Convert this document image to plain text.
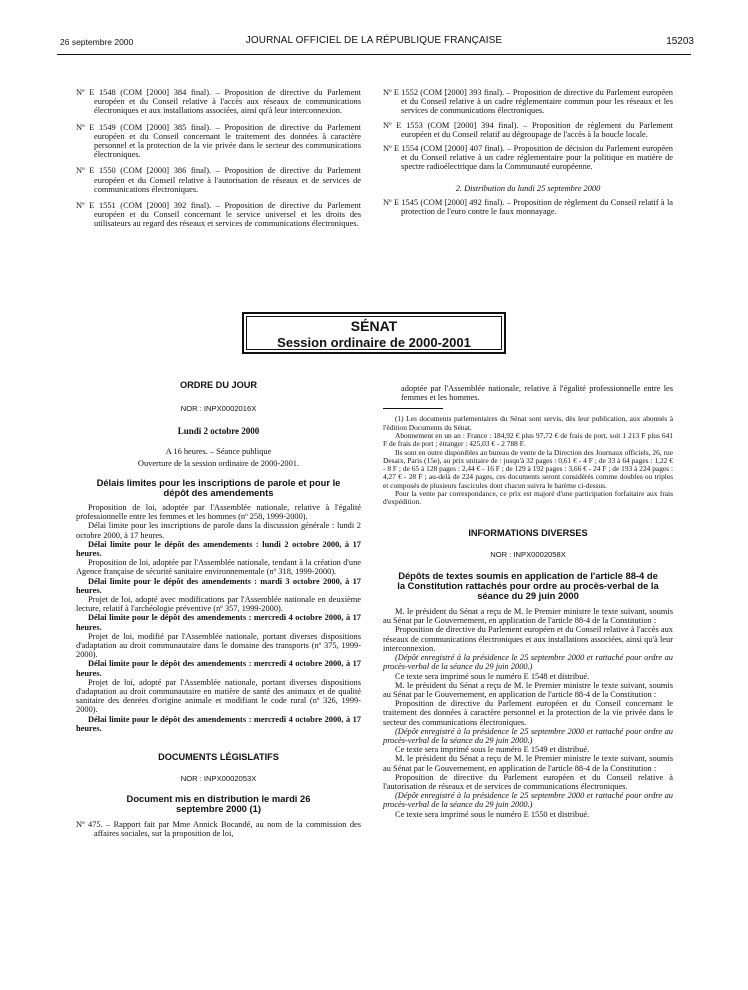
26 septembre 2000	JOURNAL OFFICIEL DE LA RÉPUBLIQUE FRANÇAISE	15203

Nº E 1548 (COM [2000] 384 final). – Proposition de directive du Parlement européen et du Conseil relative à l'accès aux réseaux de communications électroniques et aux installations associées, ainsi qu'à leur interconnexion.

Nº E 1549 (COM [2000] 385 final). – Proposition de directive du Parlement européen et du Conseil concernant le traitement des données à caractère personnel et la protection de la vie privée dans le secteur des communications électroniques.

Nº E 1550 (COM [2000] 386 final). – Proposition de directive du Parlement européen et du Conseil relative à l'autorisation de réseaux et de services de communications électroniques.

Nº E 1551 (COM [2000] 392 final). – Proposition de directive du Parlement européen et du Conseil concernant le service universel et les droits des utilisateurs au regard des réseaux et services de communications électroniques.

Nº E 1552 (COM [2000] 393 final). – Proposition de directive du Parlement européen et du Conseil relative à un cadre réglementaire commun pour les réseaux et les services de communications électroniques.

Nº E 1553 (COM [2000] 394 final). – Proposition de règlement du Parlement européen et du Conseil relatif au dégroupage de l'accès à la boucle locale.

Nº E 1554 (COM [2000] 407 final). – Proposition de décision du Parlement européen et du Conseil relative à un cadre réglementaire pour la politique en matière de spectre radioélectrique dans la Communauté européenne.

2. Distribution du lundi 25 septembre 2000

Nº E 1545 (COM [2000] 492 final). – Proposition de règlement du Conseil relatif à la protection de l'euro contre le faux monnayage.

SÉNAT
Session ordinaire de 2000-2001

ORDRE DU JOUR

NOR : INPX0002016X

Lundi 2 octobre 2000

A 16 heures. – Séance publique

Ouverture de la session ordinaire de 2000-2001.

Délais limites pour les inscriptions de parole et pour le dépôt des amendements

Proposition de loi, adoptée par l'Assemblée nationale, relative à l'égalité professionnelle entre les femmes et les hommes (nº 258, 1999-2000).

Délai limite pour les inscriptions de parole dans la discussion générale : lundi 2 octobre 2000, à 17 heures.

Délai limite pour le dépôt des amendements : lundi 2 octobre 2000, à 17 heures.

Proposition de loi, adoptée par l'Assemblée nationale, tendant à la création d'une Agence française de sécurité sanitaire environnementale (nº 318, 1999-2000).

Délai limite pour le dépôt des amendements : mardi 3 octobre 2000, à 17 heures.

Projet de loi, adopté avec modifications par l'Assemblée nationale en deuxième lecture, relatif à l'archéologie préventive (nº 357, 1999-2000).

Délai limite pour le dépôt des amendements : mercredi 4 octobre 2000, à 17 heures.

Projet de loi, modifié par l'Assemblée nationale, portant diverses dispositions d'adaptation au droit communautaire dans le domaine des transports (nº 375, 1999-2000).

Délai limite pour le dépôt des amendements : mercredi 4 octobre 2000, à 17 heures.

Projet de loi, adopté par l'Assemblée nationale, portant diverses dispositions d'adaptation au droit communautaire en matière de santé des animaux et de qualité sanitaire des denrées d'origine animale et modifiant le code rural (nº 326, 1999-2000).

Délai limite pour le dépôt des amendements : mercredi 4 octobre 2000, à 17 heures.

DOCUMENTS LÉGISLATIFS

NOR : INPX0002053X

Document mis en distribution le mardi 26 septembre 2000 (1)

Nº 475. – Rapport fait par Mme Annick Bocandé, au nom de la commission des affaires sociales, sur la proposition de loi,

adoptée par l'Assemblée nationale, relative à l'égalité professionnelle entre les femmes et les hommes.

(1) Les documents parlementaires du Sénat sont servis, dès leur publication, aux abonnés à l'édition Documents du Sénat.

Abonnement en un an : France : 184,92 € plus 97,72 € de frais de port, soit 1 213 F plus 641 F de frais de port ; étranger : 425,03 € - 2 788 F.

Ils sont en outre disponibles au bureau de vente de la Direction des Journaux officiels, 26, rue Desaix, Paris (15e), au prix unitaire de : jusqu'à 32 pages : 0,61 € - 4 F ; de 33 à 64 pages : 1,22 € - 8 F ; de 65 à 128 pages : 2,44 € - 16 F ; de 129 à 192 pages : 3,66 € - 24 F ; de 193 à 224 pages : 4,27 € - 28 F ; au-delà de 224 pages, ces documents seront considérés comme doubles ou triples et composés de plusieurs fascicules dont chacun suivra le barème ci-dessus.

Pour la vente par correspondance, ce prix est majoré d'une participation forfaitaire aux frais d'expédition.

INFORMATIONS DIVERSES

NOR : INPX0002058X

Dépôts de textes soumis en application de l'article 88-4 de la Constitution rattachés pour ordre au procès-verbal de la séance du 29 juin 2000

M. le président du Sénat a reçu de M. le Premier ministre le texte suivant, soumis au Sénat par le Gouvernement, en application de l'article 88-4 de la Constitution :

Proposition de directive du Parlement européen et du Conseil relative à l'accès aux réseaux de communications électroniques et aux installations associées, ainsi qu'à leur interconnexion.

(Dépôt enregistré à la présidence le 25 septembre 2000 et rattaché pour ordre au procès-verbal de la séance du 29 juin 2000.)

Ce texte sera imprimé sous le numéro E 1548 et distribué.

M. le président du Sénat a reçu de M. le Premier ministre le texte suivant, soumis au Sénat par le Gouvernement, en application de l'article 88-4 de la Constitution :

Proposition de directive du Parlement européen et du Conseil concernant le traitement des données à caractère personnel et la protection de la vie privée dans le secteur des communications électroniques.

(Dépôt enregistré à la présidence le 25 septembre 2000 et rattaché pour ordre au procès-verbal de la séance du 29 juin 2000.)

Ce texte sera imprimé sous le numéro E 1549 et distribué.

M. le président du Sénat a reçu de M. le Premier ministre le texte suivant, soumis au Sénat par le Gouvernement, en application de l'article 88-4 de la Constitution :

Proposition de directive du Parlement européen et du Conseil relative à l'autorisation de réseaux et de services de communications électroniques.

(Dépôt enregistré à la présidence le 25 septembre 2000 et rattaché pour ordre au procès-verbal de la séance du 29 juin 2000.)

Ce texte sera imprimé sous le numéro E 1550 et distribué.
